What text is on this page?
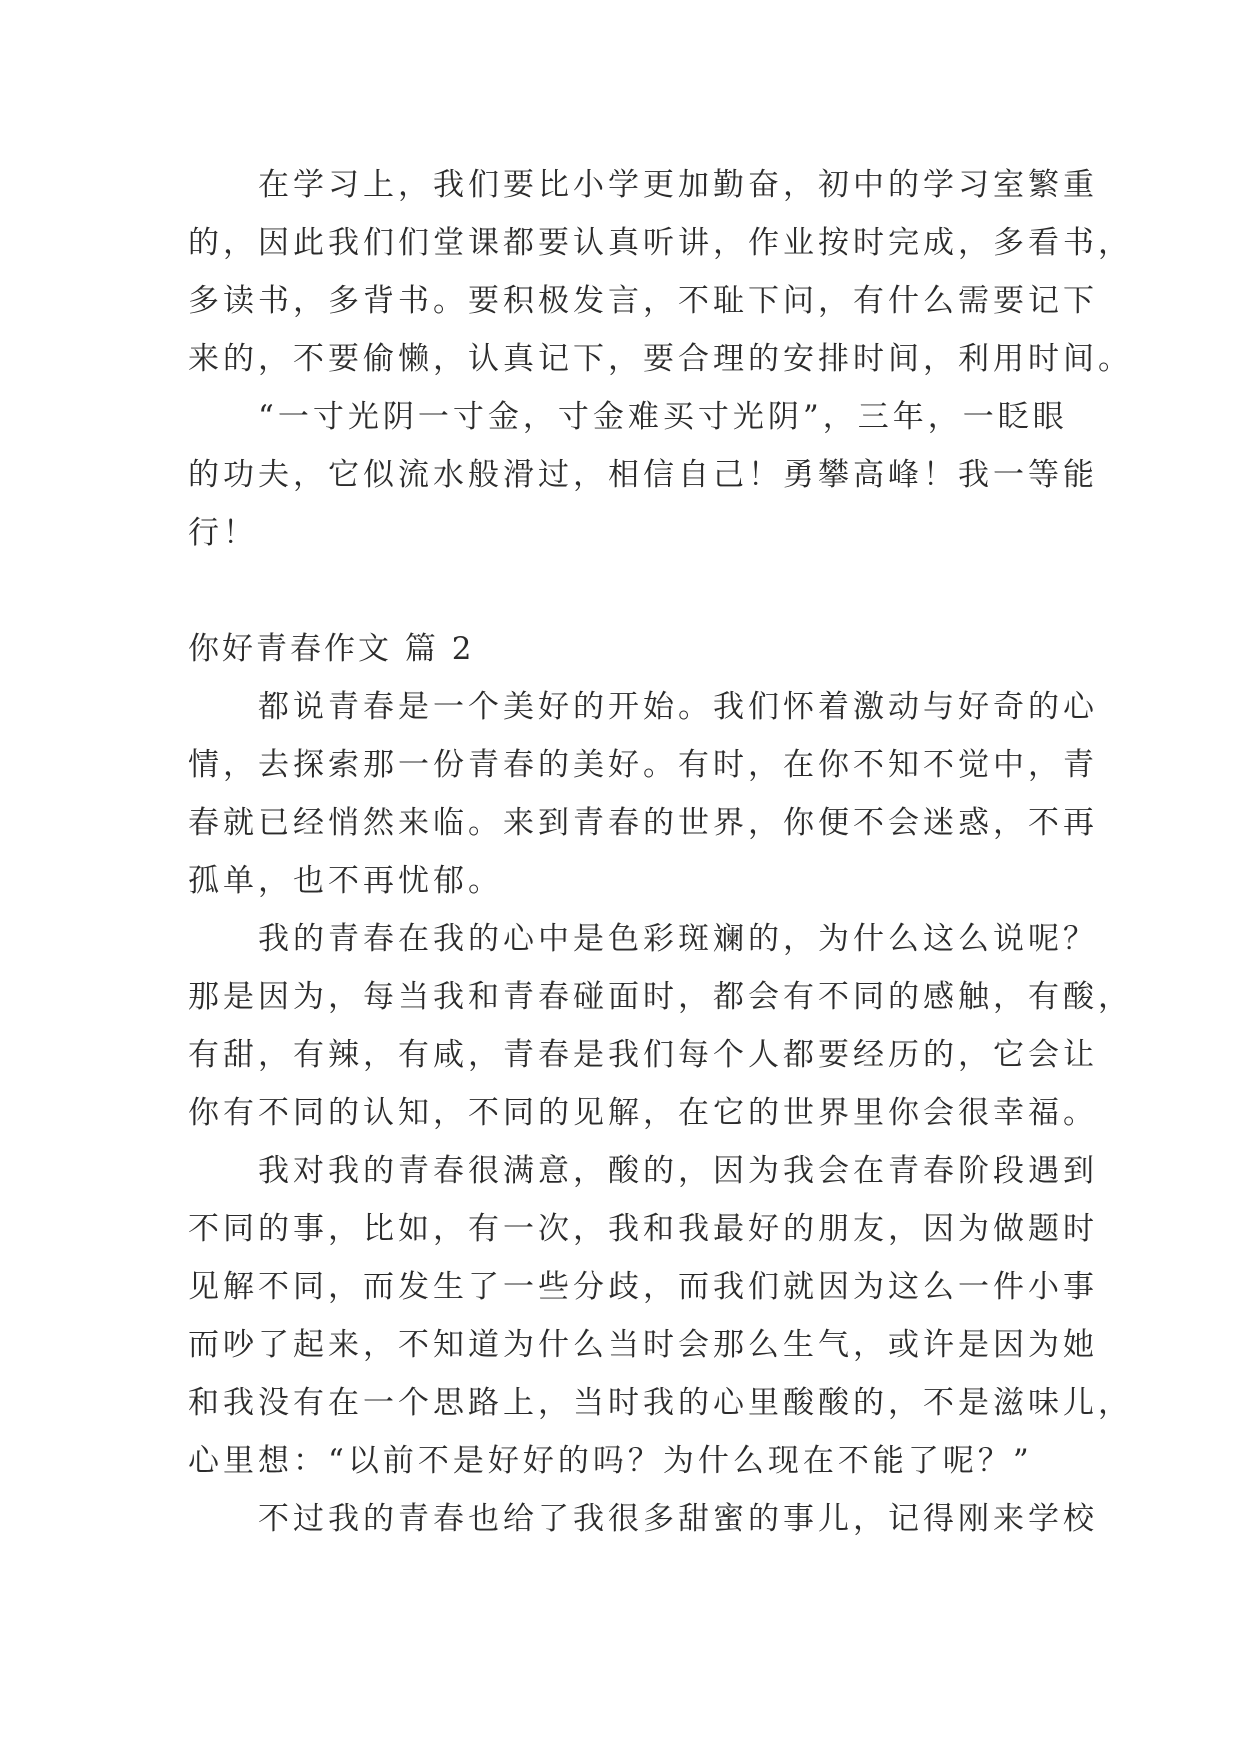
　　在学习上，我们要比小学更加勤奋，初中的学习室繁重

的，因此我们们堂课都要认真听讲，作业按时完成，多看书，

多读书，多背书。要积极发言，不耻下问，有什么需要记下

来的，不要偷懒，认真记下，要合理的安排时间，利用时间。

　　“一寸光阴一寸金，寸金难买寸光阴”，三年，一眨眼

的功夫，它似流水般滑过，相信自己！勇攀高峰！我一等能

行！

你好青春作文 篇 2

　　都说青春是一个美好的开始。我们怀着激动与好奇的心

情，去探索那一份青春的美好。有时，在你不知不觉中，青

春就已经悄然来临。来到青春的世界，你便不会迷惑，不再

孤单，也不再忧郁。

　　我的青春在我的心中是色彩斑斓的，为什么这么说呢？

那是因为，每当我和青春碰面时，都会有不同的感触，有酸，

有甜，有辣，有咸，青春是我们每个人都要经历的，它会让

你有不同的认知，不同的见解，在它的世界里你会很幸福。

　　我对我的青春很满意，酸的，因为我会在青春阶段遇到

不同的事，比如，有一次，我和我最好的朋友，因为做题时

见解不同，而发生了一些分歧，而我们就因为这么一件小事

而吵了起来，不知道为什么当时会那么生气，或许是因为她

和我没有在一个思路上，当时我的心里酸酸的，不是滋味儿，

心里想：“以前不是好好的吗？为什么现在不能了呢？”

　　不过我的青春也给了我很多甜蜜的事儿，记得刚来学校
